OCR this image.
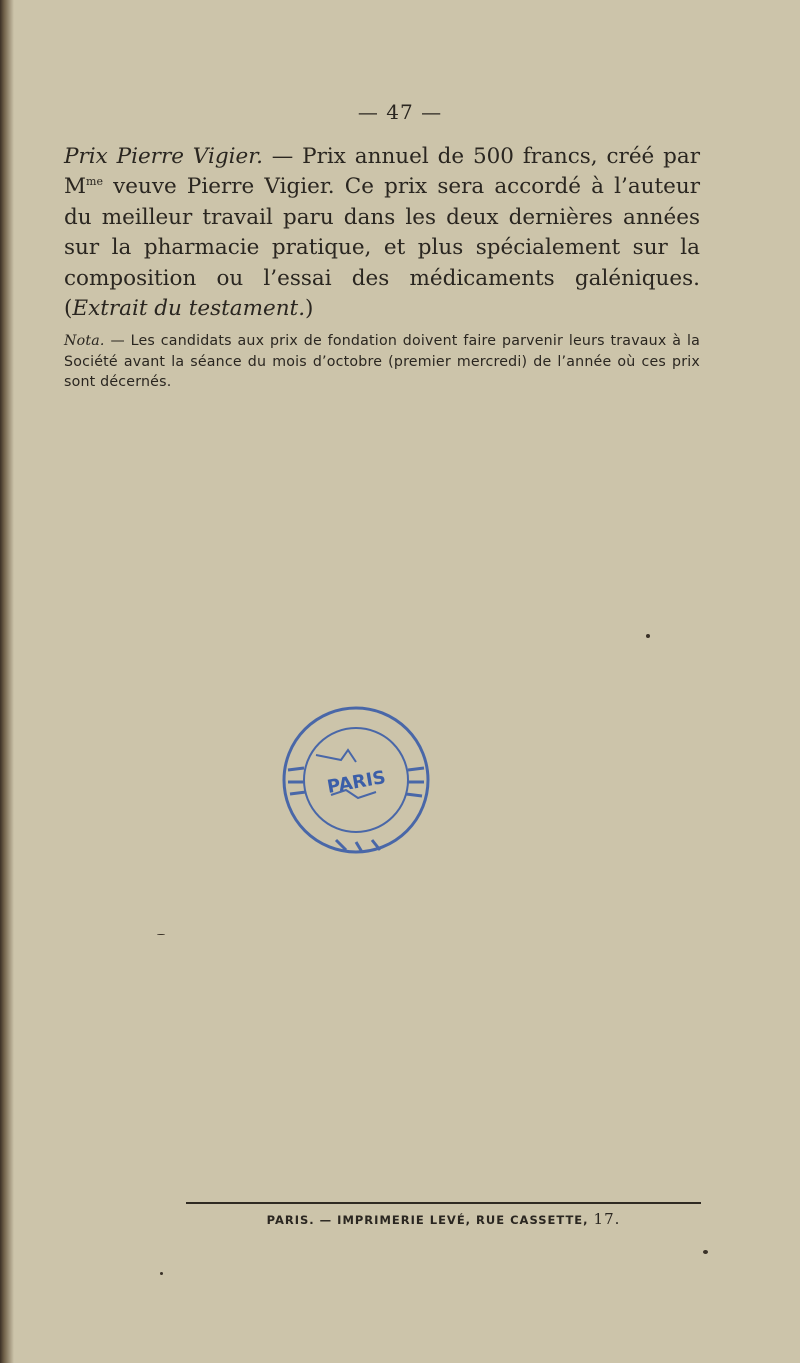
— 47 —

Prix Pierre Vigier. — Prix annuel de 500 francs, créé par $M^{me}$ veuve Pierre Vigier. Ce prix sera accordé à l’auteur du meilleur travail paru dans les deux dernières années sur la pharmacie pratique, et plus spécialement sur la composition ou l’essai des médicaments galéniques. (Extrait du testament.)

Nota. — Les candidats aux prix de fondation doivent faire parvenir leurs travaux à la Société avant la séance du mois d’octobre (premier mercredi) de l’année où ces prix sont décernés.

PARIS
PARIS. — IMPRIMERIE LEVÉ, RUE CASSETTE, 17.
